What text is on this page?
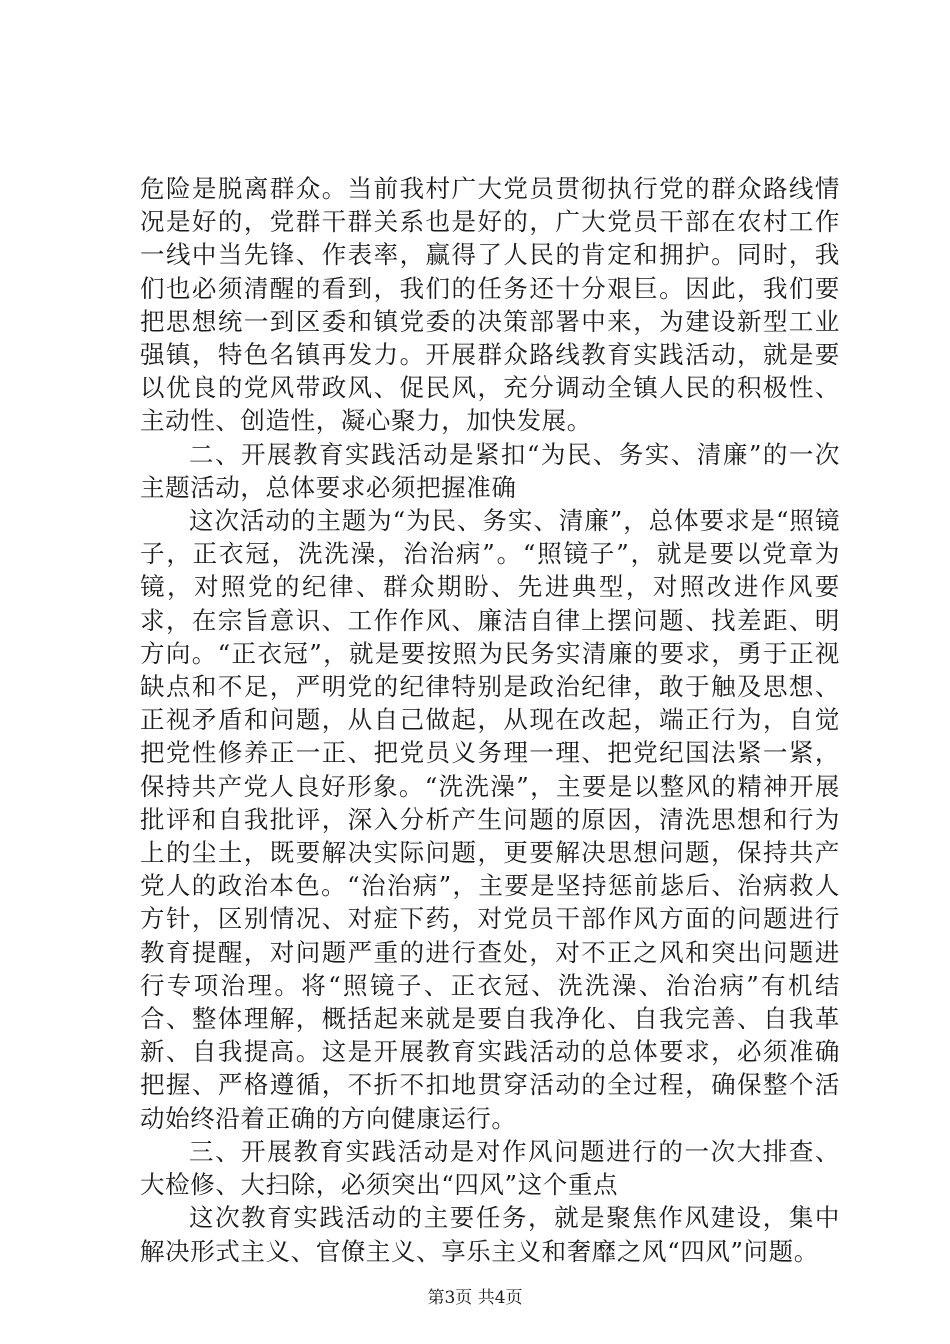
危险是脱离群众。当前我村广大党员贯彻执行党的群众路线情况是好的，党群干群关系也是好的，广大党员干部在农村工作一线中当先锋、作表率，赢得了人民的肯定和拥护。同时，我们也必须清醒的看到，我们的任务还十分艰巨。因此，我们要把思想统一到区委和镇党委的决策部署中来，为建设新型工业强镇，特色名镇再发力。开展群众路线教育实践活动，就是要以优良的党风带政风、促民风，充分调动全镇人民的积极性、主动性、创造性，凝心聚力，加快发展。

二、开展教育实践活动是紧扣“为民、务实、清廉”的一次主题活动，总体要求必须把握准确

这次活动的主题为“为民、务实、清廉”，总体要求是“照镜子，正衣冠，洗洗澡，治治病”。“照镜子”，就是要以党章为镜，对照党的纪律、群众期盼、先进典型，对照改进作风要求，在宗旨意识、工作作风、廉洁自律上摆问题、找差距、明方向。“正衣冠”，就是要按照为民务实清廉的要求，勇于正视缺点和不足，严明党的纪律特别是政治纪律，敢于触及思想、正视矛盾和问题，从自己做起，从现在改起，端正行为，自觉把党性修养正一正、把党员义务理一理、把党纪国法紧一紧，保持共产党人良好形象。“洗洗澡”，主要是以整风的精神开展批评和自我批评，深入分析产生问题的原因，清洗思想和行为上的尘土，既要解决实际问题，更要解决思想问题，保持共产党人的政治本色。“治治病”，主要是坚持惩前毖后、治病救人方针，区别情况、对症下药，对党员干部作风方面的问题进行教育提醒，对问题严重的进行查处，对不正之风和突出问题进行专项治理。将“照镜子、正衣冠、洗洗澡、治治病”有机结合、整体理解，概括起来就是要自我净化、自我完善、自我革新、自我提高。这是开展教育实践活动的总体要求，必须准确把握、严格遵循，不折不扣地贯穿活动的全过程，确保整个活动始终沿着正确的方向健康运行。

三、开展教育实践活动是对作风问题进行的一次大排查、大检修、大扫除，必须突出“四风”这个重点

这次教育实践活动的主要任务，就是聚焦作风建设，集中解决形式主义、官僚主义、享乐主义和奢靡之风“四风”问题。

第3页 共4页
